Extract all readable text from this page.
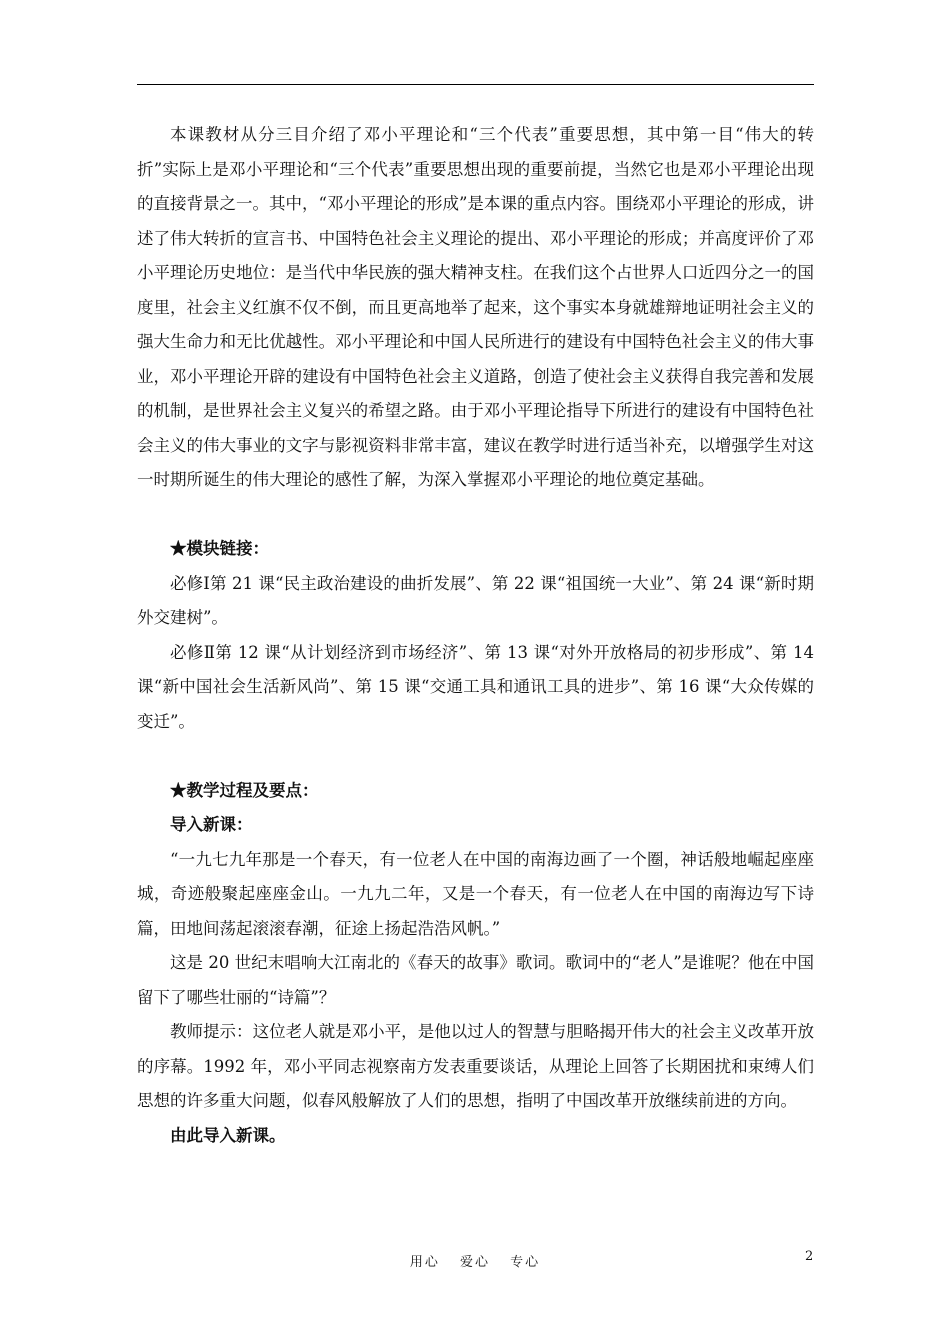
本课教材从分三目介绍了邓小平理论和“三个代表”重要思想，其中第一目“伟大的转折”实际上是邓小平理论和“三个代表”重要思想出现的重要前提，当然它也是邓小平理论出现的直接背景之一。其中，“邓小平理论的形成”是本课的重点内容。围绕邓小平理论的形成，讲述了伟大转折的宣言书、中国特色社会主义理论的提出、邓小平理论的形成；并高度评价了邓小平理论历史地位：是当代中华民族的强大精神支柱。在我们这个占世界人口近四分之一的国度里，社会主义红旗不仅不倒，而且更高地举了起来，这个事实本身就雄辩地证明社会主义的强大生命力和无比优越性。邓小平理论和中国人民所进行的建设有中国特色社会主义的伟大事业，邓小平理论开辟的建设有中国特色社会主义道路，创造了使社会主义获得自我完善和发展的机制，是世界社会主义复兴的希望之路。由于邓小平理论指导下所进行的建设有中国特色社会主义的伟大事业的文字与影视资料非常丰富，建议在教学时进行适当补充，以增强学生对这一时期所诞生的伟大理论的感性了解，为深入掌握邓小平理论的地位奠定基础。

★模块链接：

必修Ⅰ第 21 课“民主政治建设的曲折发展”、第 22 课“祖国统一大业”、第 24 课“新时期外交建树”。

必修Ⅱ第 12 课“从计划经济到市场经济”、第 13 课“对外开放格局的初步形成”、第 14 课“新中国社会生活新风尚”、第 15 课“交通工具和通讯工具的进步”、第 16 课“大众传媒的变迁”。

★教学过程及要点：

导入新课：

“一九七九年那是一个春天，有一位老人在中国的南海边画了一个圈，神话般地崛起座座城，奇迹般聚起座座金山。一九九二年，又是一个春天，有一位老人在中国的南海边写下诗篇，田地间荡起滚滚春潮，征途上扬起浩浩风帆。”

这是 20 世纪末唱响大江南北的《春天的故事》歌词。歌词中的“老人”是谁呢？他在中国留下了哪些壮丽的“诗篇”？

教师提示：这位老人就是邓小平，是他以过人的智慧与胆略揭开伟大的社会主义改革开放的序幕。1992 年，邓小平同志视察南方发表重要谈话，从理论上回答了长期困扰和束缚人们思想的许多重大问题，似春风般解放了人们的思想，指明了中国改革开放继续前进的方向。

由此导入新课。

用心 爱心 专心	2
